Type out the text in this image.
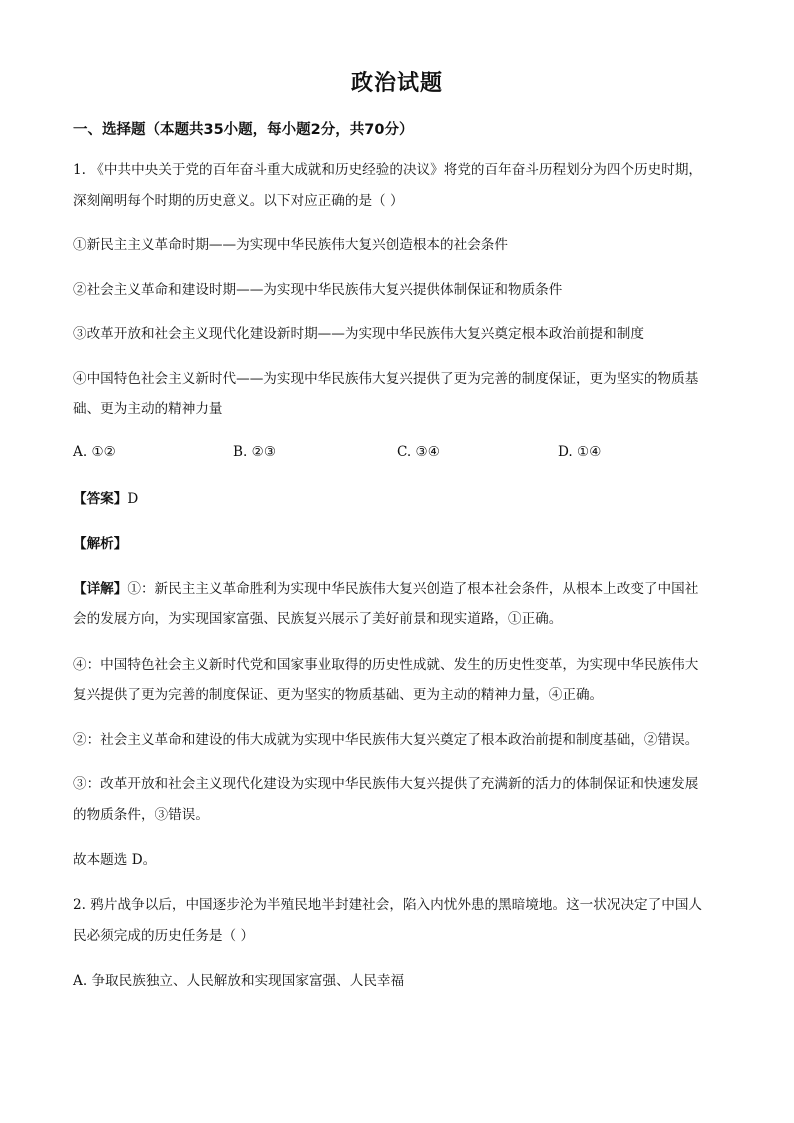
政治试题
一、选择题（本题共35小题，每小题2分，共70分）
1. 《中共中央关于党的百年奋斗重大成就和历史经验的决议》将党的百年奋斗历程划分为四个历史时期，
深刻阐明每个时期的历史意义。以下对应正确的是（ ）
①新民主主义革命时期——为实现中华民族伟大复兴创造根本的社会条件
②社会主义革命和建设时期——为实现中华民族伟大复兴提供体制保证和物质条件
③改革开放和社会主义现代化建设新时期——为实现中华民族伟大复兴奠定根本政治前提和制度
④中国特色社会主义新时代——为实现中华民族伟大复兴提供了更为完善的制度保证，更为坚实的物质基
础、更为主动的精神力量
A. ①②	B. ②③	C. ③④	D. ①④
【答案】D
【解析】
【详解】①：新民主主义革命胜利为实现中华民族伟大复兴创造了根本社会条件，从根本上改变了中国社
会的发展方向，为实现国家富强、民族复兴展示了美好前景和现实道路，①正确。
④：中国特色社会主义新时代党和国家事业取得的历史性成就、发生的历史性变革，为实现中华民族伟大
复兴提供了更为完善的制度保证、更为坚实的物质基础、更为主动的精神力量，④正确。
②：社会主义革命和建设的伟大成就为实现中华民族伟大复兴奠定了根本政治前提和制度基础，②错误。
③：改革开放和社会主义现代化建设为实现中华民族伟大复兴提供了充满新的活力的体制保证和快速发展
的物质条件，③错误。
故本题选 D。
2. 鸦片战争以后，中国逐步沦为半殖民地半封建社会，陷入内忧外患的黑暗境地。这一状况决定了中国人
民必须完成的历史任务是（ ）
A. 争取民族独立、人民解放和实现国家富强、人民幸福
